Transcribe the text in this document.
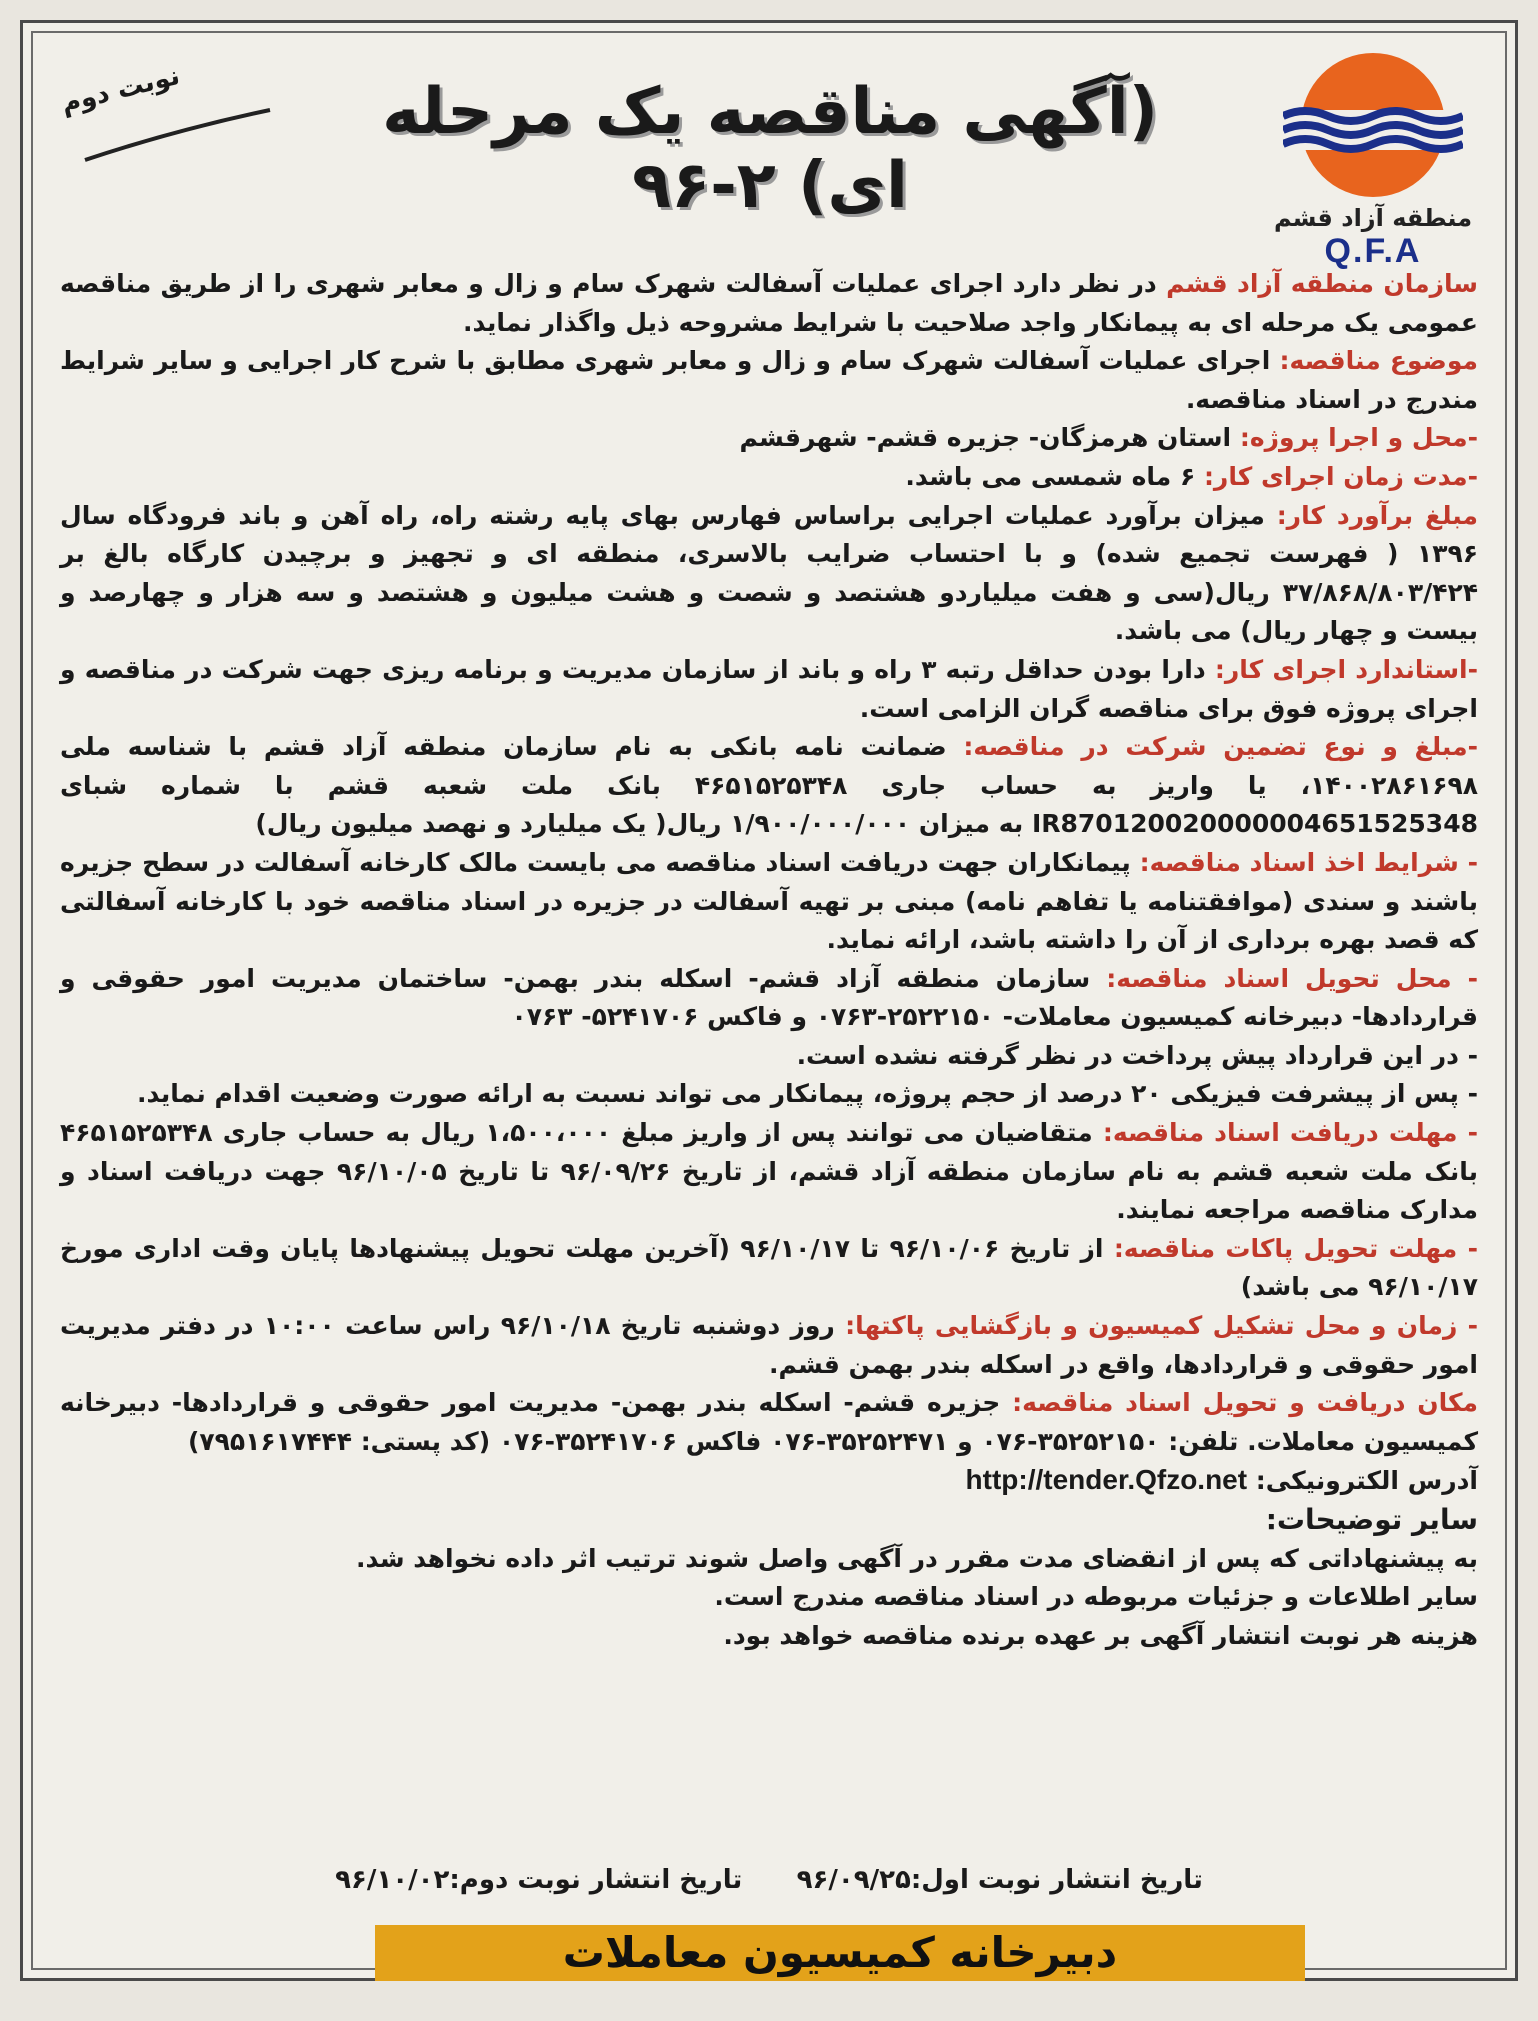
منطقه آزاد قشم
Q.F.A
(آگهی مناقصه یک مرحله ای) ۲-۹۶
نوبت دوم

سازمان منطقه آزاد قشم در نظر دارد اجرای عملیات آسفالت شهرک سام و زال و معابر شهری را از طریق مناقصه عمومی یک مرحله ای به پیمانکار واجد صلاحیت با شرایط مشروحه ذیل واگذار نماید.

موضوع مناقصه: اجرای عملیات آسفالت شهرک سام و زال و معابر شهری مطابق با شرح کار اجرایی و سایر شرایط مندرج در اسناد مناقصه.

-محل و اجرا پروژه: استان هرمزگان- جزیره قشم- شهرقشم

-مدت زمان اجرای کار: ۶ ماه شمسی می باشد.

مبلغ برآورد کار: میزان برآورد عملیات اجرایی براساس فهارس بهای پایه رشته راه، راه آهن و باند فرودگاه سال ۱۳۹۶ ( فهرست تجمیع شده) و با احتساب ضرایب بالاسری، منطقه ای و تجهیز و برچیدن کارگاه بالغ بر ۳۷/۸۶۸/۸۰۳/۴۲۴ ریال(سی و هفت میلیاردو هشتصد و شصت و هشت میلیون و هشتصد و سه هزار و چهارصد و بیست و چهار ریال) می باشد.

-استاندارد اجرای کار: دارا بودن حداقل رتبه ۳ راه و باند از سازمان مدیریت و برنامه ریزی جهت شرکت در مناقصه و اجرای پروژه فوق برای مناقصه گران الزامی است.

-مبلغ و نوع تضمین شرکت در مناقصه: ضمانت نامه بانکی به نام سازمان منطقه آزاد قشم با شناسه ملی ۱۴۰۰۲۸۶۱۶۹۸، یا واریز به حساب جاری ۴۶۵۱۵۲۵۳۴۸ بانک ملت شعبه قشم با شماره شبای IR870120020000004651525348 به میزان ۱/۹۰۰/۰۰۰/۰۰۰ ریال( یک میلیارد و نهصد میلیون ریال)

- شرایط اخذ اسناد مناقصه: پیمانکاران جهت دریافت اسناد مناقصه می بایست مالک کارخانه آسفالت در سطح جزیره باشند و سندی (موافقتنامه یا تفاهم نامه) مبنی بر تهیه آسفالت در جزیره در اسناد مناقصه خود با کارخانه آسفالتی که قصد بهره برداری از آن را داشته باشد، ارائه نماید.

- محل تحویل اسناد مناقصه: سازمان منطقه آزاد قشم- اسکله بندر بهمن- ساختمان مدیریت امور حقوقی و قراردادها- دبیرخانه کمیسیون معاملات- ۲۵۲۲۱۵۰-۰۷۶۳ و فاکس ۵۲۴۱۷۰۶- ۰۷۶۳

- در این قرارداد پیش پرداخت در نظر گرفته نشده است.

- پس از پیشرفت فیزیکی ۲۰ درصد از حجم پروژه، پیمانکار می تواند نسبت به ارائه صورت وضعیت اقدام نماید.

- مهلت دریافت اسناد مناقصه: متقاضیان می توانند پس از واریز مبلغ ۱،۵۰۰،۰۰۰ ریال به حساب جاری ۴۶۵۱۵۲۵۳۴۸ بانک ملت شعبه قشم به نام سازمان منطقه آزاد قشم، از تاریخ ۹۶/۰۹/۲۶ تا تاریخ ۹۶/۱۰/۰۵ جهت دریافت اسناد و مدارک مناقصه مراجعه نمایند.

- مهلت تحویل پاکات مناقصه: از تاریخ ۹۶/۱۰/۰۶ تا ۹۶/۱۰/۱۷ (آخرین مهلت تحویل پیشنهادها پایان وقت اداری مورخ ۹۶/۱۰/۱۷ می باشد)

- زمان و محل تشکیل کمیسیون و بازگشایی پاکتها: روز دوشنبه تاریخ ۹۶/۱۰/۱۸ راس ساعت ۱۰:۰۰ در دفتر مدیریت امور حقوقی و قراردادها، واقع در اسکله بندر بهمن قشم.

مکان دریافت و تحویل اسناد مناقصه: جزیره قشم- اسکله بندر بهمن- مدیریت امور حقوقی و قراردادها- دبیرخانه کمیسیون معاملات. تلفن: ۳۵۲۵۲۱۵۰-۰۷۶ و ۳۵۲۵۲۴۷۱-۰۷۶ فاکس ۳۵۲۴۱۷۰۶-۰۷۶ (کد پستی: ۷۹۵۱۶۱۷۴۴۴)

آدرس الکترونیکی: http://tender.Qfzo.net

سایر توضیحات:

به پیشنهاداتی که پس از انقضای مدت مقرر در آگهی واصل شوند ترتیب اثر داده نخواهد شد.

سایر اطلاعات و جزئیات مربوطه در اسناد مناقصه مندرج است.

هزینه هر نوبت انتشار آگهی بر عهده برنده مناقصه خواهد بود.

تاریخ انتشار نوبت اول:۹۶/۰۹/۲۵      تاریخ انتشار نوبت دوم:۹۶/۱۰/۰۲
دبیرخانه کمیسیون معاملات
